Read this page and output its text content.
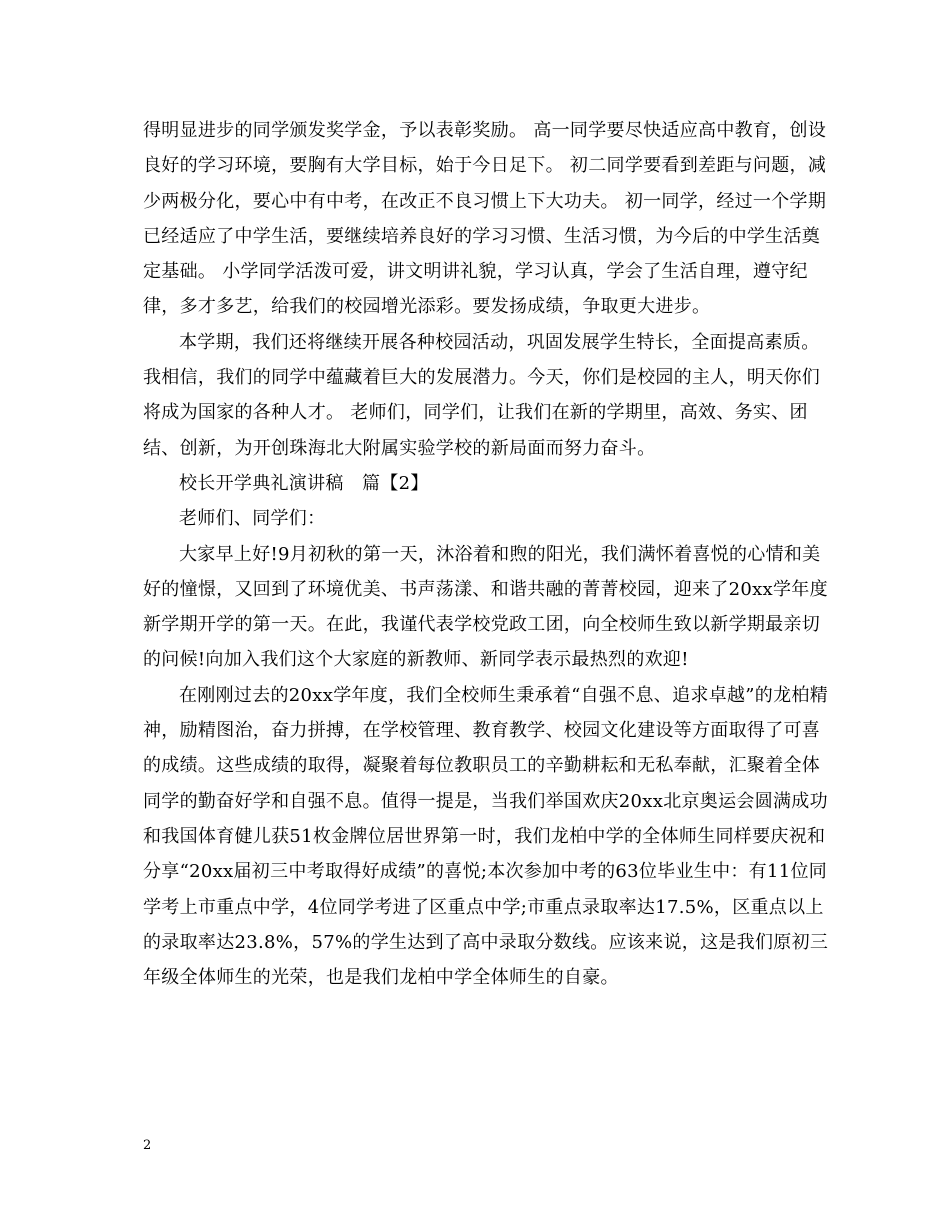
得明显进步的同学颁发奖学金，予以表彰奖励。 高一同学要尽快适应高中教育，创设良好的学习环境，要胸有大学目标，始于今日足下。 初二同学要看到差距与问题，减少两极分化，要心中有中考，在改正不良习惯上下大功夫。 初一同学，经过一个学期已经适应了中学生活，要继续培养良好的学习习惯、生活习惯，为今后的中学生活奠定基础。 小学同学活泼可爱，讲文明讲礼貌，学习认真，学会了生活自理，遵守纪律，多才多艺，给我们的校园增光添彩。要发扬成绩，争取更大进步。

本学期，我们还将继续开展各种校园活动，巩固发展学生特长，全面提高素质。我相信，我们的同学中蕴藏着巨大的发展潜力。今天，你们是校园的主人，明天你们将成为国家的各种人才。 老师们，同学们，让我们在新的学期里，高效、务实、团结、创新，为开创珠海北大附属实验学校的新局面而努力奋斗。

校长开学典礼演讲稿　篇【2】

老师们、同学们：

大家早上好!9月初秋的第一天，沐浴着和煦的阳光，我们满怀着喜悦的心情和美好的憧憬，又回到了环境优美、书声荡漾、和谐共融的菁菁校园，迎来了20xx学年度新学期开学的第一天。在此，我谨代表学校党政工团，向全校师生致以新学期最亲切的问候!向加入我们这个大家庭的新教师、新同学表示最热烈的欢迎!

在刚刚过去的20xx学年度，我们全校师生秉承着“自强不息、追求卓越”的龙柏精神，励精图治，奋力拼搏，在学校管理、教育教学、校园文化建设等方面取得了可喜的成绩。这些成绩的取得，凝聚着每位教职员工的辛勤耕耘和无私奉献，汇聚着全体同学的勤奋好学和自强不息。值得一提是，当我们举国欢庆20xx北京奥运会圆满成功和我国体育健儿获51枚金牌位居世界第一时，我们龙柏中学的全体师生同样要庆祝和分享“20xx届初三中考取得好成绩”的喜悦;本次参加中考的63位毕业生中：有11位同学考上市重点中学，4位同学考进了区重点中学;市重点录取率达17.5%，区重点以上的录取率达23.8%，57%的学生达到了高中录取分数线。应该来说，这是我们原初三年级全体师生的光荣，也是我们龙柏中学全体师生的自豪。

2
